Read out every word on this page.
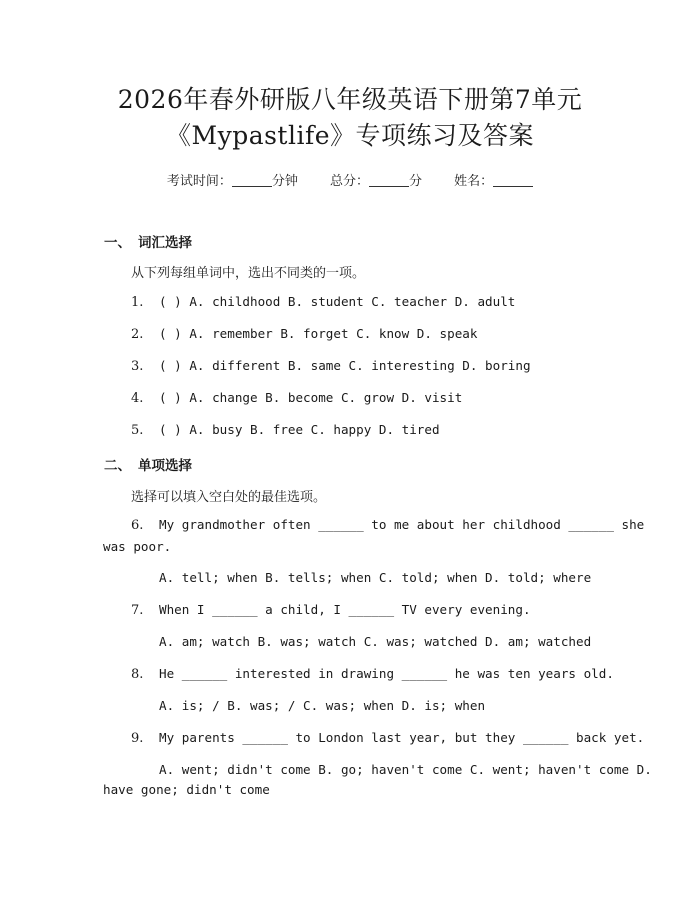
2026年春外研版八年级英语下册第7单元
《Mypastlife》专项练习及答案
考试时间：	分钟 总分：	分 姓名：
一、 词汇选择
从下列每组单词中，选出不同类的一项。
1. ( ) A. childhood B. student C. teacher D. adult
2. ( ) A. remember B. forget C. know D. speak
3. ( ) A. different B. same C. interesting D. boring
4. ( ) A. change B. become C. grow D. visit
5. ( ) A. busy B. free C. happy D. tired
二、 单项选择
选择可以填入空白处的最佳选项。
6. My grandmother often ______ to me about her childhood ______ she
was poor.
A. tell; when B. tells; when C. told; when D. told; where
7. When I ______ a child, I ______ TV every evening.
A. am; watch B. was; watch C. was; watched D. am; watched
8. He ______ interested in drawing ______ he was ten years old.
A. is; / B. was; / C. was; when D. is; when
9. My parents ______ to London last year, but they ______ back yet.
A. went; didn't come B. go; haven't come C. went; haven't come D.
have gone; didn't come
